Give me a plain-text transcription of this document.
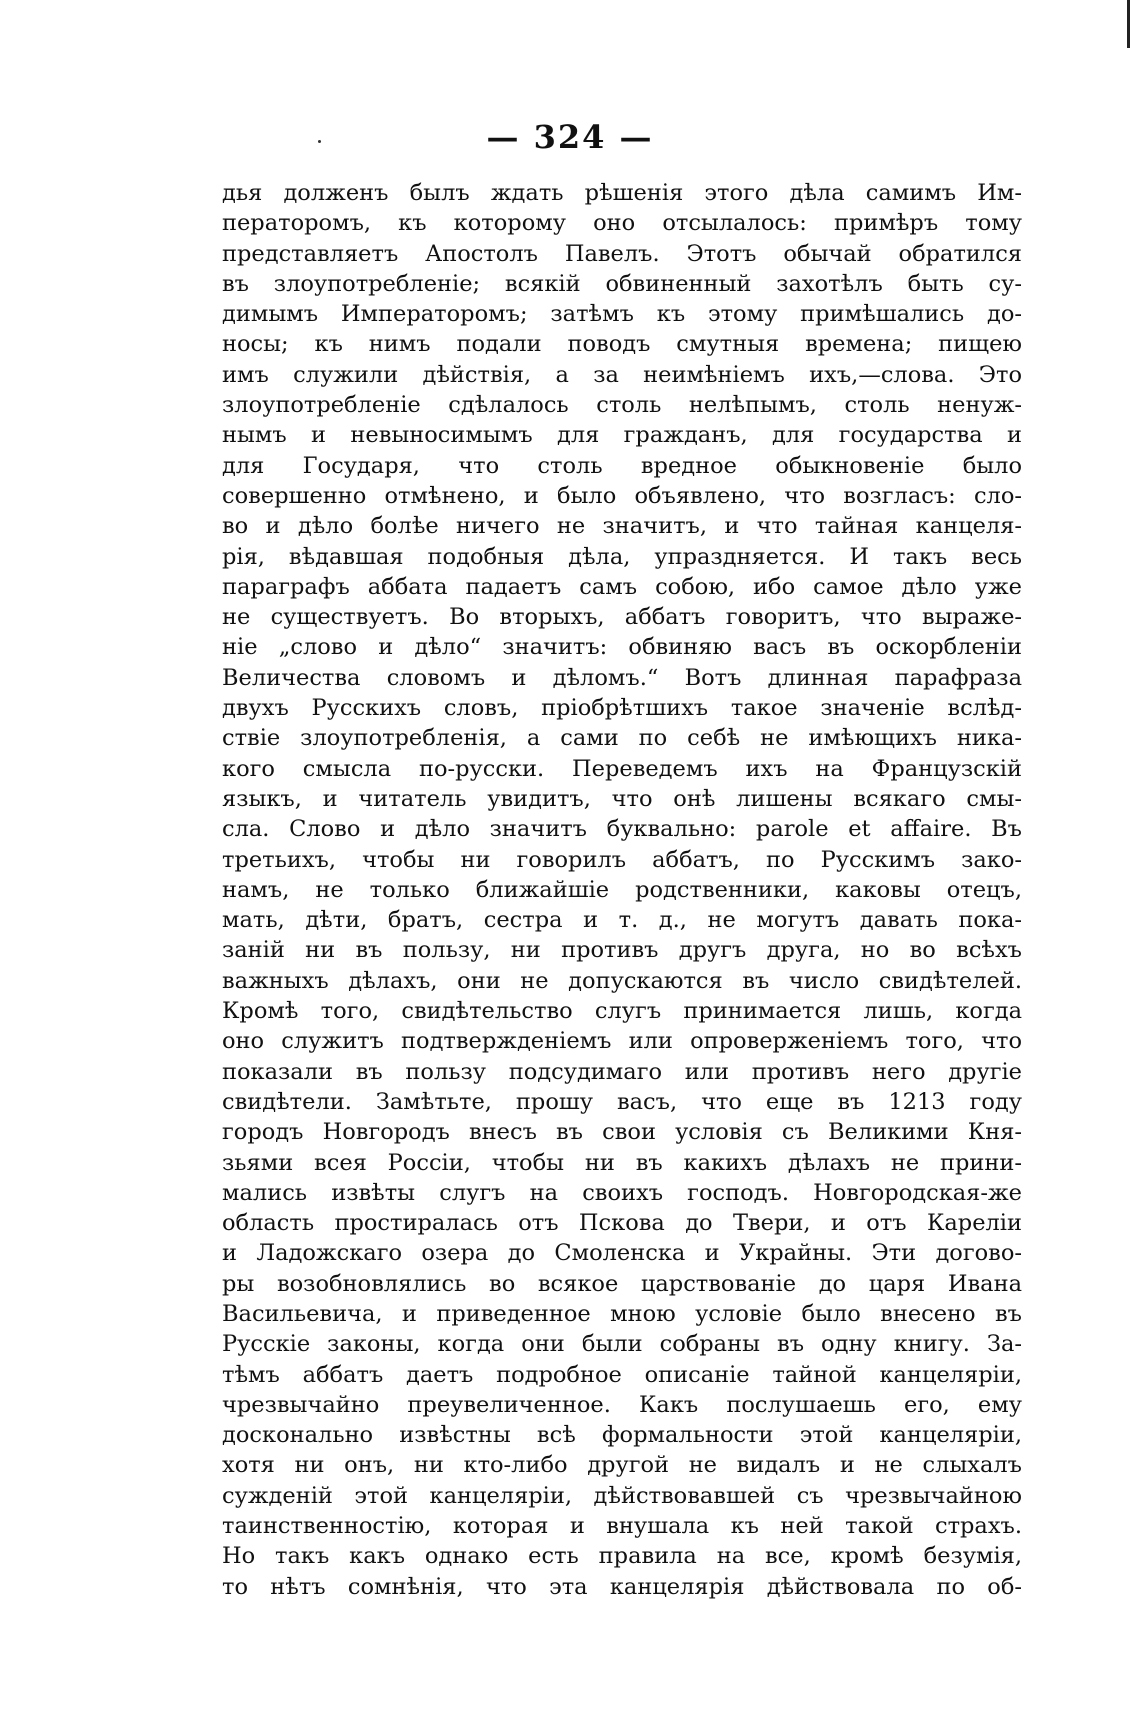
— 324 —
дья долженъ былъ ждать рѣшенія этого дѣла самимъ Им-
ператоромъ, къ которому оно отсылалось: примѣръ тому
представляетъ Апостолъ Павелъ. Этотъ обычай обратился
въ злоупотребленіе; всякій обвиненный захотѣлъ быть су-
димымъ Императоромъ; затѣмъ къ этому примѣшались до-
носы; къ нимъ подали поводъ смутныя времена; пищею
имъ служили дѣйствія, а за неимѣніемъ ихъ,—слова. Это
злоупотребленіе сдѣлалось столь нелѣпымъ, столь ненуж-
нымъ и невыносимымъ для гражданъ, для государства и
для Государя, что столь вредное обыкновеніе было
совершенно отмѣнено, и было объявлено, что возгласъ: сло-
во и дѣло болѣе ничего не значитъ, и что тайная канцеля-
рія, вѣдавшая подобныя дѣла, упраздняется. И такъ весь
параграфъ аббата падаетъ самъ собою, ибо самое дѣло уже
не существуетъ. Во вторыхъ, аббатъ говоритъ, что выраже-
ніе „слово и дѣло“ значитъ: обвиняю васъ въ оскорбленіи
Величества словомъ и дѣломъ.“ Вотъ длинная парафраза
двухъ Русскихъ словъ, пріобрѣтшихъ такое значеніе вслѣд-
ствіе злоупотребленія, а сами по себѣ не имѣющихъ ника-
кого смысла по-русски. Переведемъ ихъ на Французскій
языкъ, и читатель увидитъ, что онѣ лишены всякаго смы-
сла. Слово и дѣло значитъ буквально: parole et affaire. Въ
третьихъ, чтобы ни говорилъ аббатъ, по Русскимъ зако-
намъ, не только ближайшіе родственники, каковы отецъ,
мать, дѣти, братъ, сестра и т. д., не могутъ давать пока-
заній ни въ пользу, ни противъ другъ друга, но во всѣхъ
важныхъ дѣлахъ, они не допускаются въ число свидѣтелей.
Кромѣ того, свидѣтельство слугъ принимается лишь, когда
оно служитъ подтвержденіемъ или опроверженіемъ того, что
показали въ пользу подсудимаго или противъ него другіе
свидѣтели. Замѣтьте, прошу васъ, что еще въ 1213 году
городъ Новгородъ внесъ въ свои условія съ Великими Кня-
зьями всея Россіи, чтобы ни въ какихъ дѣлахъ не прини-
мались извѣты слугъ на своихъ господъ. Новгородская-же
область простиралась отъ Пскова до Твери, и отъ Кареліи
и Ладожскаго озера до Смоленска и Украйны. Эти догово-
ры возобновлялись во всякое царствованіе до царя Ивана
Васильевича, и приведенное мною условіе было внесено въ
Русскіе законы, когда они были собраны въ одну книгу. За-
тѣмъ аббатъ даетъ подробное описаніе тайной канцеляріи,
чрезвычайно преувеличенное. Какъ послушаешь его, ему
досконально извѣстны всѣ формальности этой канцеляріи,
хотя ни онъ, ни кто-либо другой не видалъ и не слыхалъ
сужденій этой канцеляріи, дѣйствовавшей съ чрезвычайною
таинственностію, которая и внушала къ ней такой страхъ.
Но такъ какъ однако есть правила на все, кромѣ безумія,
то нѣтъ сомнѣнія, что эта канцелярія дѣйствовала по об-
